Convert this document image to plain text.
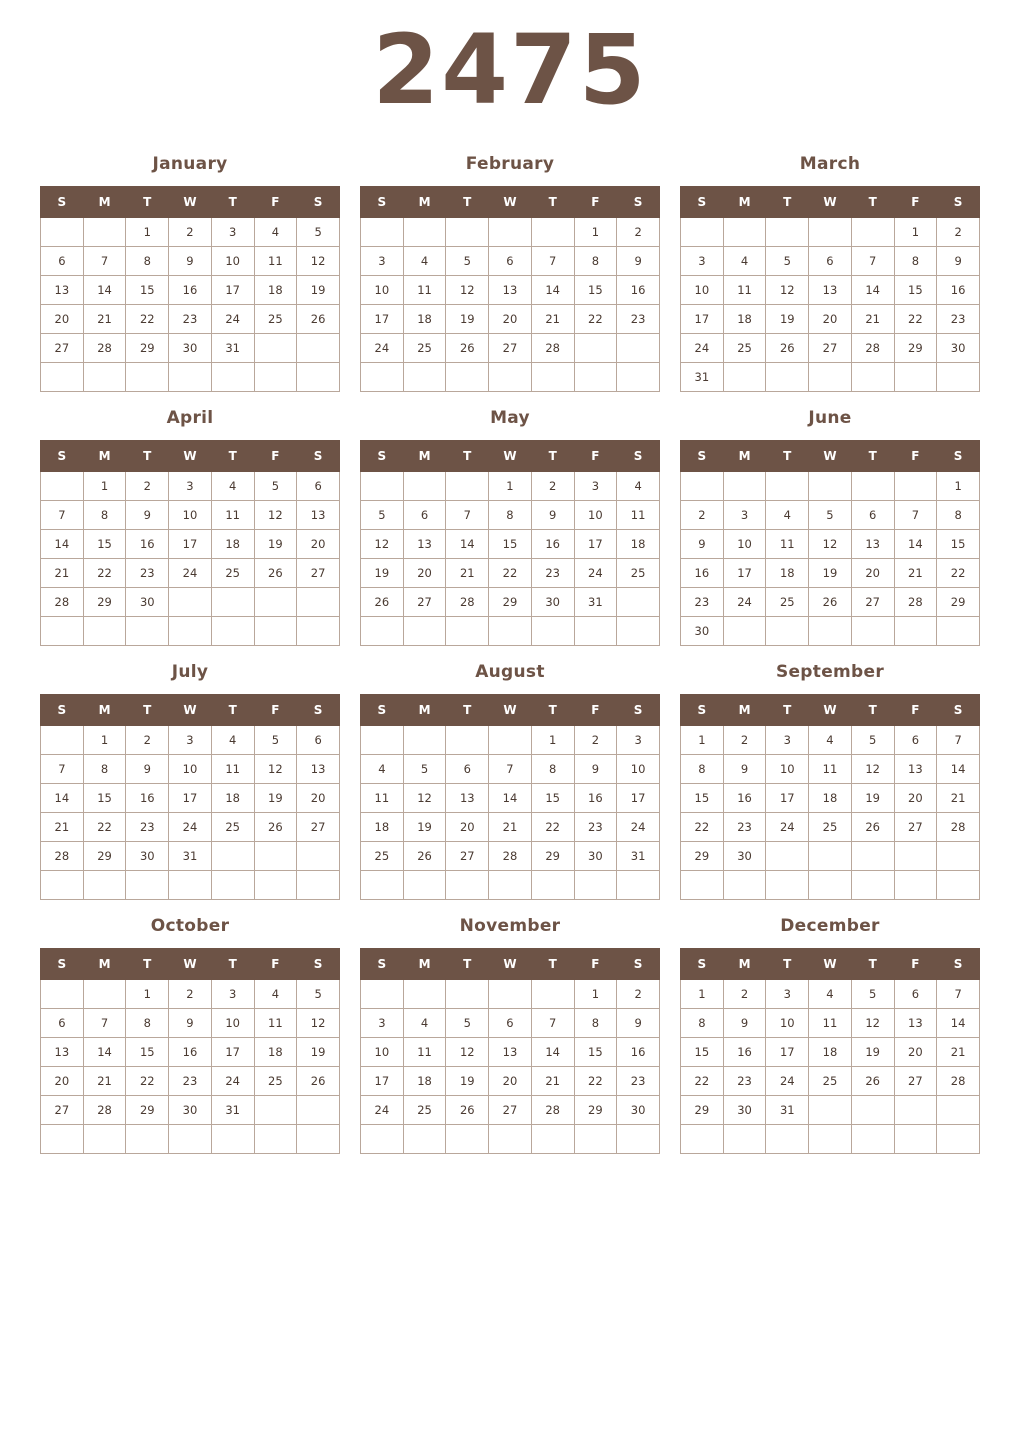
2475
January
S	M	T	W	T	F	S
		1	2	3	4	5
6	7	8	9	10	11	12
13	14	15	16	17	18	19
20	21	22	23	24	25	26
27	28	29	30	31		

February
S	M	T	W	T	F	S
					1	2
3	4	5	6	7	8	9
10	11	12	13	14	15	16
17	18	19	20	21	22	23
24	25	26	27	28		

March
S	M	T	W	T	F	S
					1	2
3	4	5	6	7	8	9
10	11	12	13	14	15	16
17	18	19	20	21	22	23
24	25	26	27	28	29	30
31						
April
S	M	T	W	T	F	S
	1	2	3	4	5	6
7	8	9	10	11	12	13
14	15	16	17	18	19	20
21	22	23	24	25	26	27
28	29	30				

May
S	M	T	W	T	F	S
			1	2	3	4
5	6	7	8	9	10	11
12	13	14	15	16	17	18
19	20	21	22	23	24	25
26	27	28	29	30	31	

June
S	M	T	W	T	F	S
						1
2	3	4	5	6	7	8
9	10	11	12	13	14	15
16	17	18	19	20	21	22
23	24	25	26	27	28	29
30						
July
S	M	T	W	T	F	S
	1	2	3	4	5	6
7	8	9	10	11	12	13
14	15	16	17	18	19	20
21	22	23	24	25	26	27
28	29	30	31			

August
S	M	T	W	T	F	S
				1	2	3
4	5	6	7	8	9	10
11	12	13	14	15	16	17
18	19	20	21	22	23	24
25	26	27	28	29	30	31

September
S	M	T	W	T	F	S
1	2	3	4	5	6	7
8	9	10	11	12	13	14
15	16	17	18	19	20	21
22	23	24	25	26	27	28
29	30					

October
S	M	T	W	T	F	S
		1	2	3	4	5
6	7	8	9	10	11	12
13	14	15	16	17	18	19
20	21	22	23	24	25	26
27	28	29	30	31		

November
S	M	T	W	T	F	S
					1	2
3	4	5	6	7	8	9
10	11	12	13	14	15	16
17	18	19	20	21	22	23
24	25	26	27	28	29	30

December
S	M	T	W	T	F	S
1	2	3	4	5	6	7
8	9	10	11	12	13	14
15	16	17	18	19	20	21
22	23	24	25	26	27	28
29	30	31				
